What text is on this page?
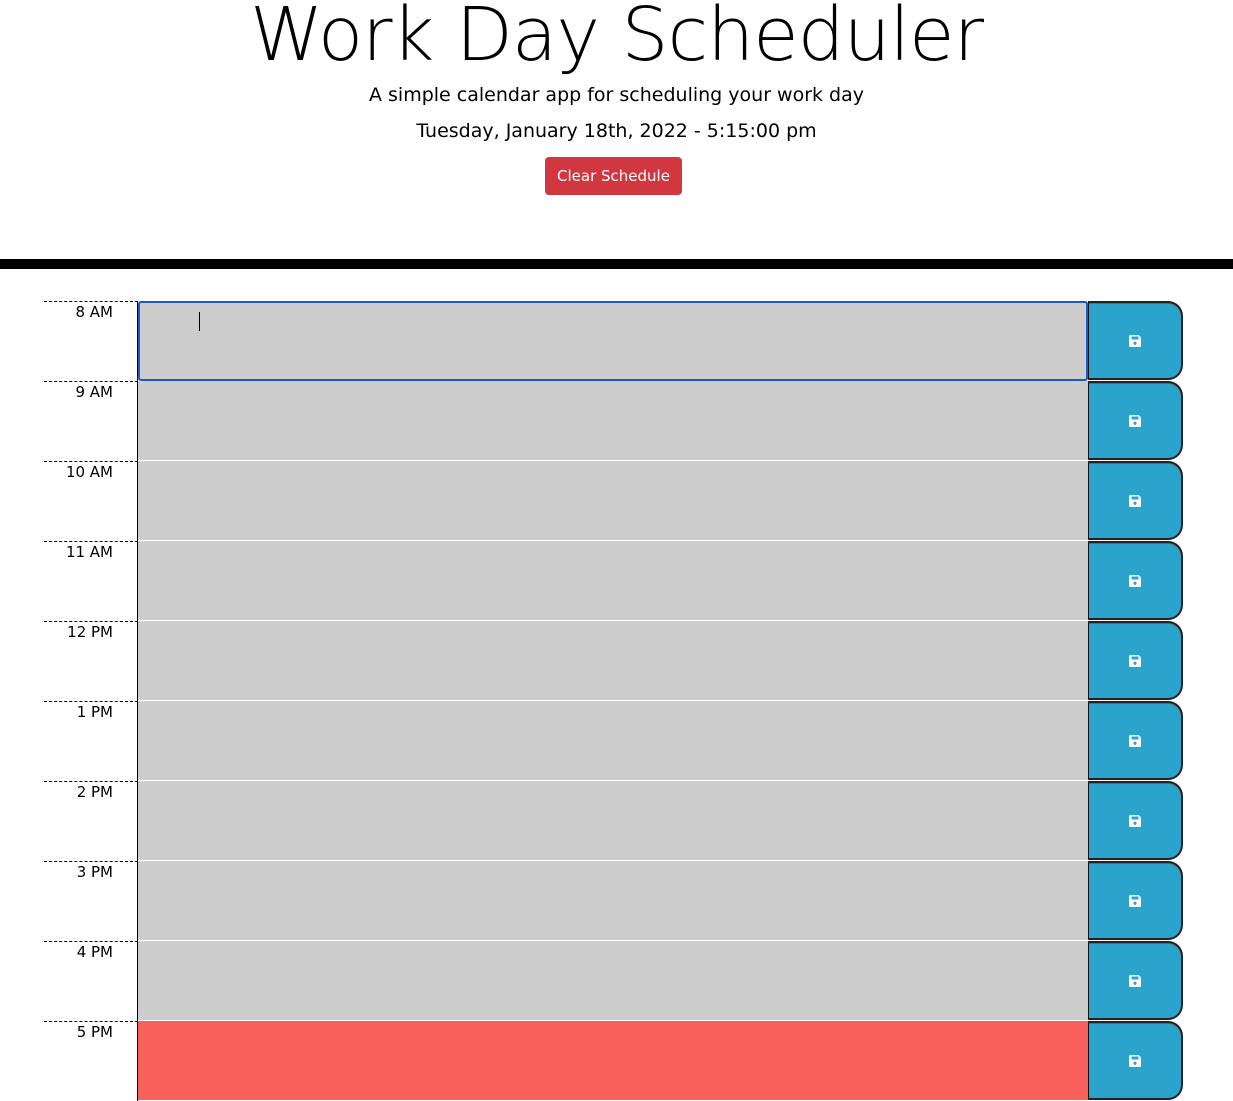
Work Day Scheduler

A simple calendar app for scheduling your work day

Tuesday, January 18th, 2022 - 5:15:00 pm

Clear Schedule
8 AM
9 AM
10 AM
11 AM
12 PM
1 PM
2 PM
3 PM
4 PM
5 PM
